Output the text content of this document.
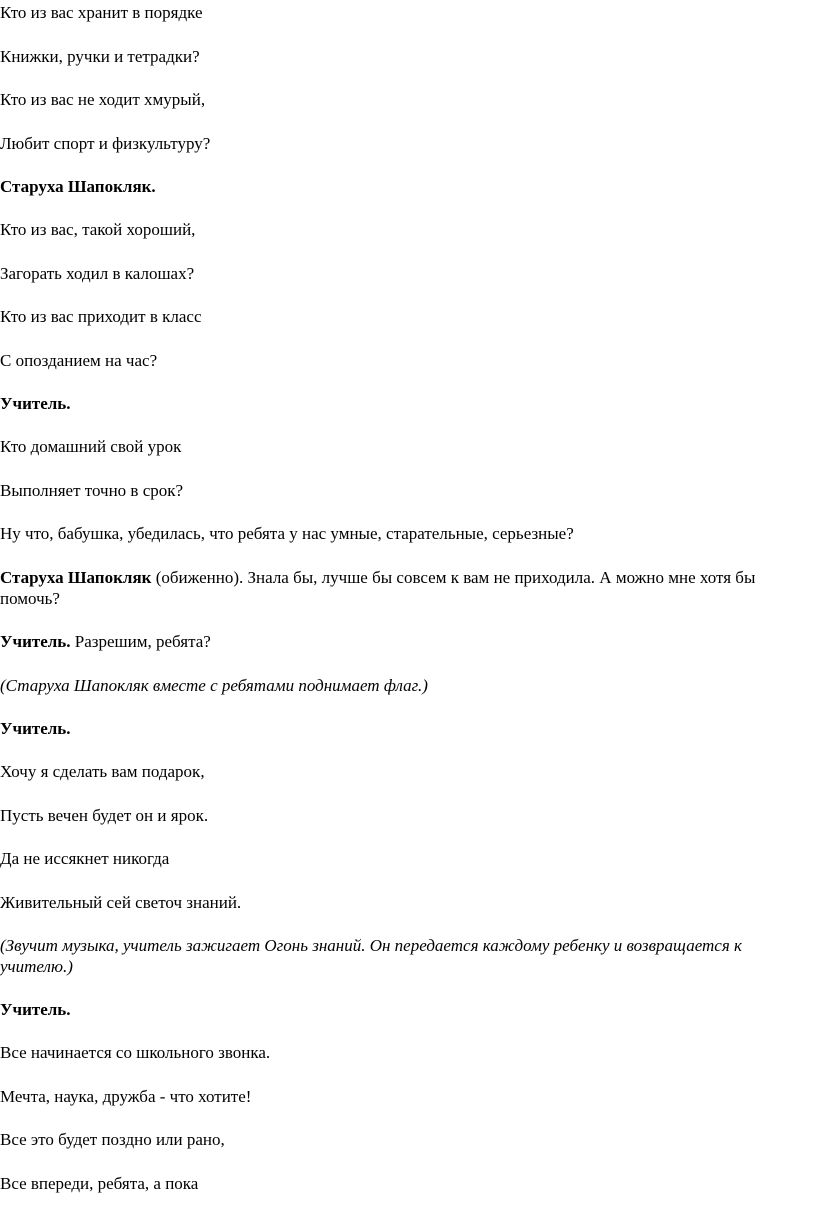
Кто из вас хранит в порядке

Книжки, ручки и тетрадки?

Кто из вас не ходит хмурый,

Любит спорт и физкультуру?

Старуха Шапокляк.

Кто из вас, такой хороший,

Загорать ходил в калошах?

Кто из вас приходит в класс

С опозданием на час?

Учитель.

Кто домашний свой урок

Выполняет точно в срок?

Ну что, бабушка, убедилась, что ребята у нас умные, старательные, серьезные?

Старуха Шапокляк (обиженно). Знала бы, лучше бы совсем к вам не приходила. А можно мне хотя бы помочь?

Учитель. Разрешим, ребята?

(Старуха Шапокляк вместе с ребятами поднимает флаг.)

Учитель.

Хочу я сделать вам подарок,

Пусть вечен будет он и ярок.

Да не иссякнет никогда

Живительный сей светоч знаний.

(Звучит музыка, учитель зажигает Огонь знаний. Он передается каждому ребенку и возвращается к учителю.)

Учитель.

Все начинается со школьного звонка.

Мечта, наука, дружба - что хотите!

Все это будет поздно или рано,

Все впереди, ребята, а пока
